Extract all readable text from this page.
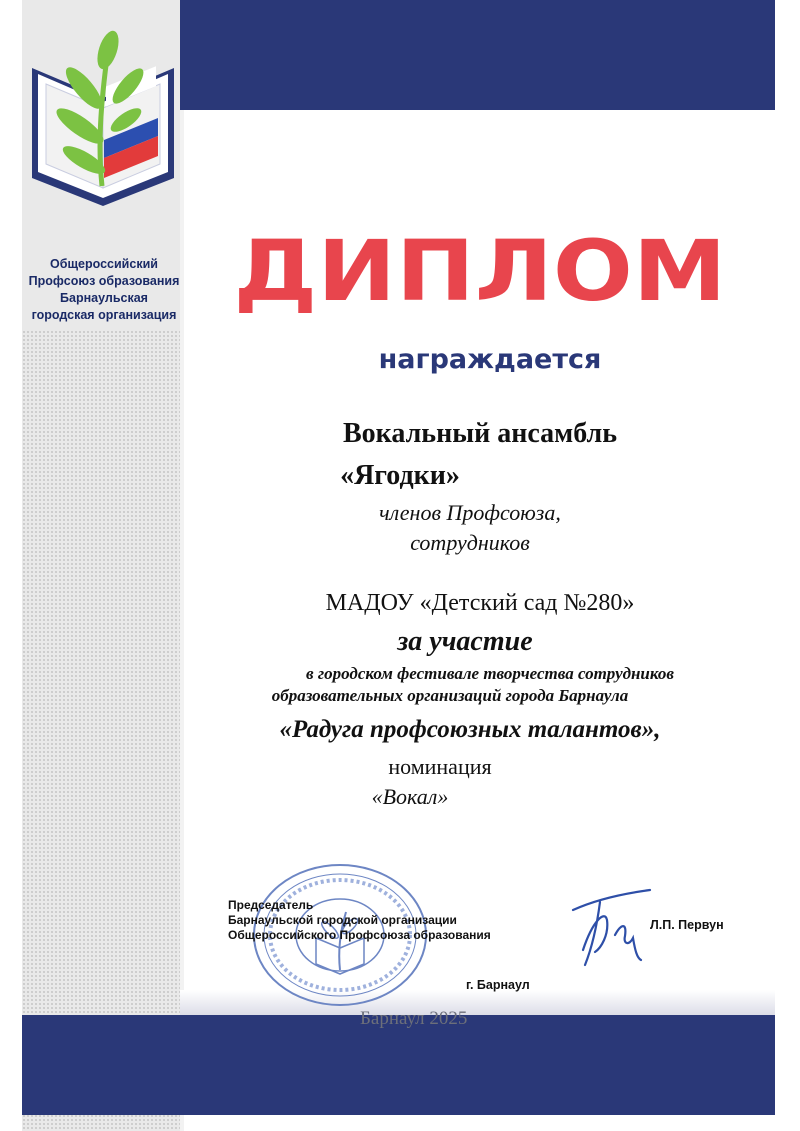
Общероссийский
Профсоюз образования
Барнаульская
городская организация ДИПЛОМ
награждается
Вокальный ансамбль
«Ягодки»
членов Профсоюза,
сотрудников
МАДОУ «Детский сад №280»
за участие
в городском фестивале творчества сотрудников
образовательных организаций города Барнаула
«Радуга профсоюзных талантов»,
номинация
«Вокал»
Председатель
Барнаульской городской организации
Общероссийского Профсоюза образования
Л.П. Первун
г. Барнаул
Барнаул 2025
